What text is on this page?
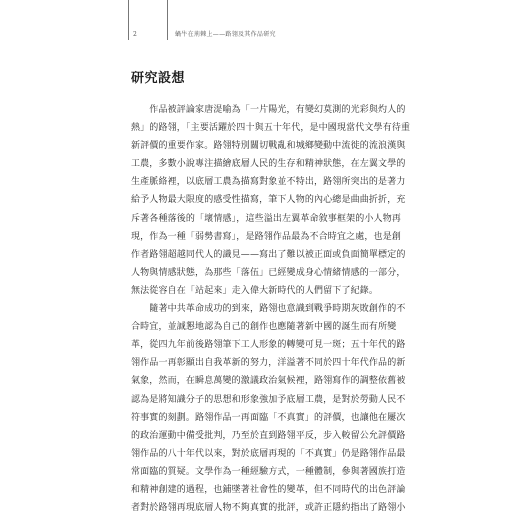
2	蝸牛在荊棘上——路翎及其作品研究
研究設想
　　作品被評論家唐湜喻為「一片陽光，有變幻莫測的光彩與灼人的
熱」的路翎，「主要活躍於四十與五十年代，是中國現當代文學有待重
新評價的重要作家。路翎特別關切戰亂和城鄉變動中流徙的流浪漢與
工農，多數小說專注描繪底層人民的生存和精神狀態，在左翼文學的
生產脈絡裡，以底層工農為描寫對象並不特出，路翎所突出的是著力
給予人物最大限度的感受性描寫，筆下人物的內心總是曲曲折折，充
斥著各種落後的「壞情感」，這些溢出左翼革命敘事框架的小人物再
現，作為一種「弱勢書寫」，是路翎作品最為不合時宜之處，也是創
作者路翎超越同代人的識見——寫出了難以被正面或負面簡單標定的
人物與情感狀態，為那些「落伍」已經變成身心情緒情感的一部分，
無法從容自在「站起來」走入偉大新時代的人們留下了紀錄。
　　隨著中共革命成功的到來，路翎也意識到戰爭時期灰敗創作的不
合時宜，並誠懇地認為自己的創作也應隨著新中國的誕生而有所變
革，從四九年前後路翎筆下工人形象的轉變可見一斑；五十年代的路
翎作品一再彰顯出自我革新的努力，洋溢著不同於四十年代作品的新
氣象，然而，在瞬息萬變的激議政治氣候裡，路翎寫作的調整依舊被
認為是將知識分子的思想和形象強加予底層工農，是對於勞動人民不
符事實的刻劃。路翎作品一再面臨「不真實」的評價，也讓他在屢次
的政治運動中備受批判，乃至於直到路翎平反，步入較留公允評價路
翎作品的八十年代以來，對於底層再現的「不真實」仍是路翎作品最
常面臨的質疑。文學作為一種經驗方式，一種體制，參與著國族打造
和精神創建的過程，也鋪墜著社會性的變革，但不同時代的出色評論
者對於路翎再現底層人物不夠真實的批評，或許正隱約指出了路翎小
